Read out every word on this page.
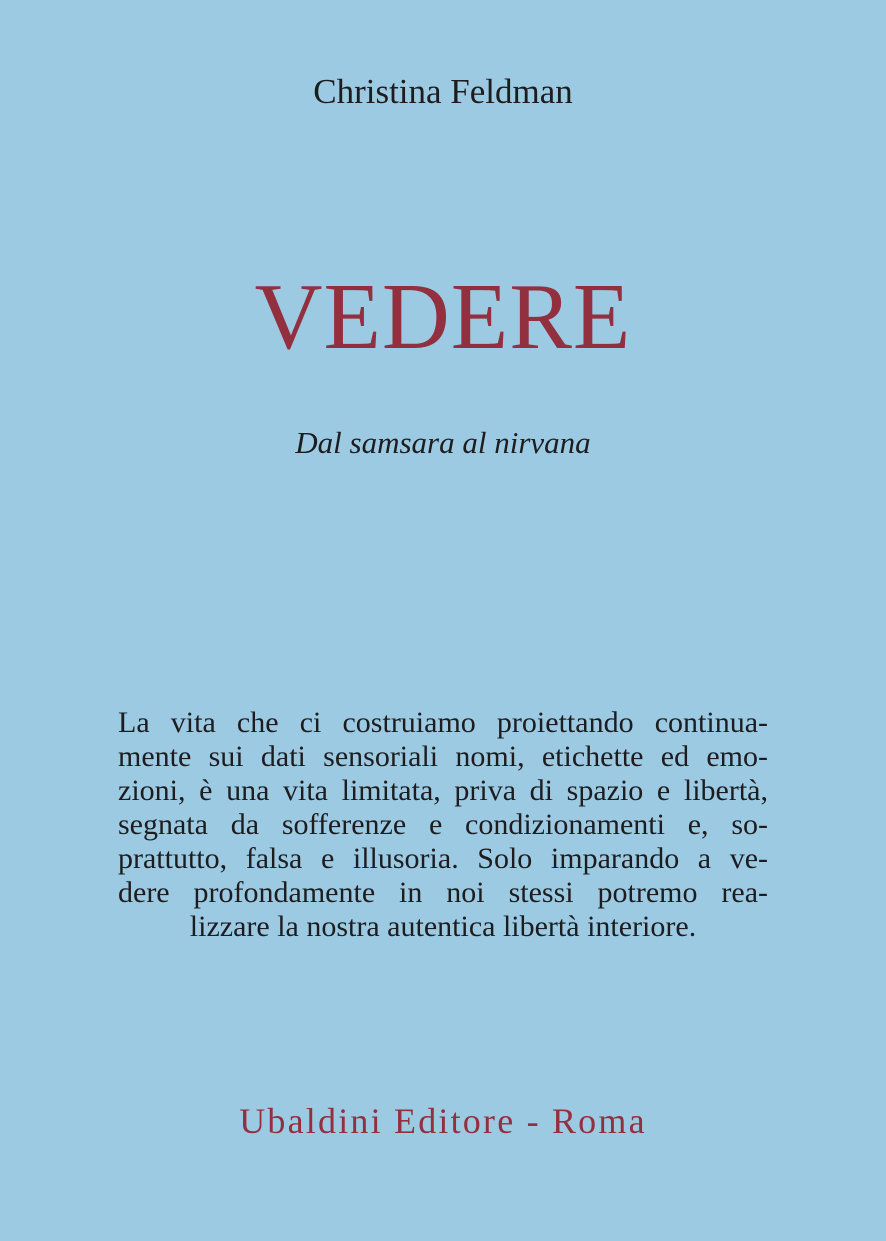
Christina Feldman
VEDERE
Dal samsara al nirvana
La vita che ci costruiamo proiettando continua-
mente sui dati sensoriali nomi, etichette ed emo-
zioni, è una vita limitata, priva di spazio e libertà,
segnata da sofferenze e condizionamenti e, so-
prattutto, falsa e illusoria. Solo imparando a ve-
dere profondamente in noi stessi potremo rea-
lizzare la nostra autentica libertà interiore.
Ubaldini Editore - Roma
